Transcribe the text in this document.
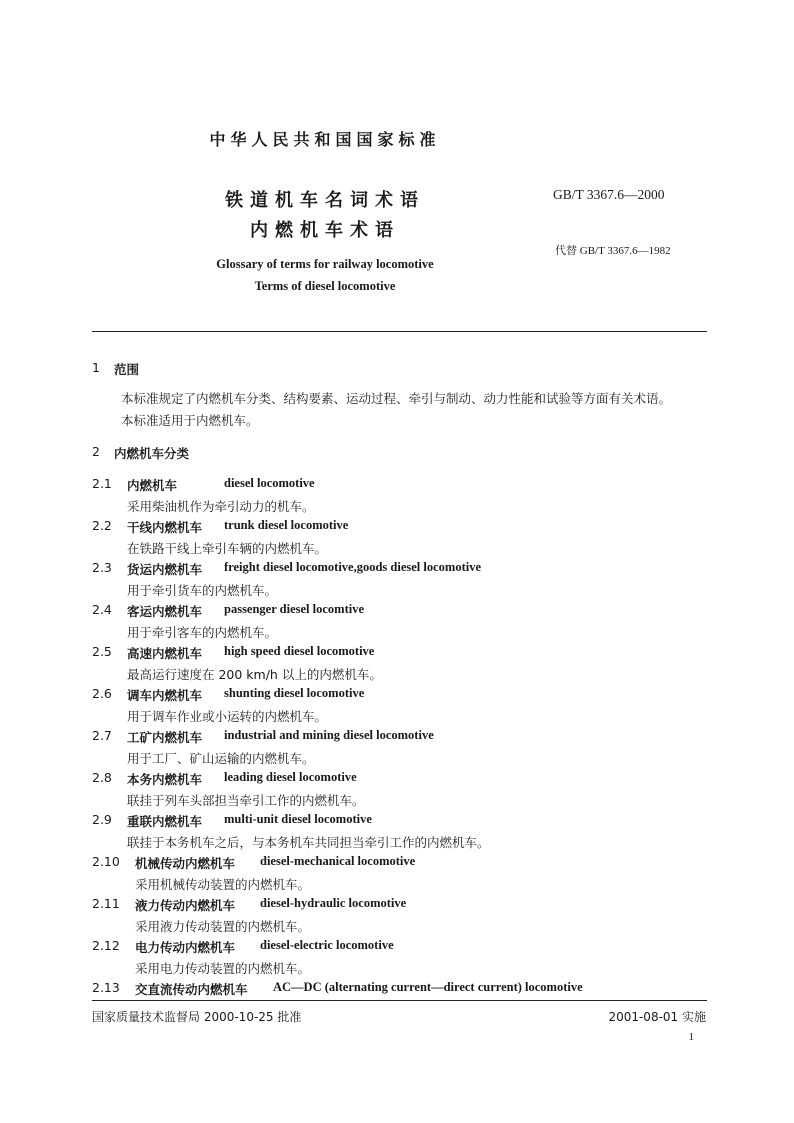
中华人民共和国国家标准
铁道机车名词术语
内燃机车术语
GB/T 3367.6—2000
代替 GB/T 3367.6—1982
Glossary of terms for railway locomotive
Terms of diesel locomotive
1 范围
本标准规定了内燃机车分类、结构要素、运动过程、牵引与制动、动力性能和试验等方面有关术语。
本标准适用于内燃机车。
2 内燃机车分类
2.1 内燃机车	diesel locomotive
采用柴油机作为牵引动力的机车。
2.2 干线内燃机车 trunk diesel locomotive
在铁路干线上牵引车辆的内燃机车。
2.3 货运内燃机车 freight diesel locomotive,goods diesel locomotive
用于牵引货车的内燃机车。
2.4 客运内燃机车 passenger diesel locomtive
用于牵引客车的内燃机车。
2.5 高速内燃机车 high speed diesel locomotive
最高运行速度在 200 km/h 以上的内燃机车。
2.6 调车内燃机车 shunting diesel locomotive
用于调车作业或小运转的内燃机车。
2.7 工矿内燃机车 industrial and mining diesel locomotive
用于工厂、矿山运输的内燃机车。
2.8 本务内燃机车 leading diesel locomotive
联挂于列车头部担当牵引工作的内燃机车。
2.9 重联内燃机车 multi-unit diesel locomotive
联挂于本务机车之后，与本务机车共同担当牵引工作的内燃机车。
2.10 机械传动内燃机车 diesel-mechanical locomotive
采用机械传动装置的内燃机车。
2.11 液力传动内燃机车 diesel-hydraulic locomotive
采用液力传动装置的内燃机车。
2.12 电力传动内燃机车 diesel-electric locomotive
采用电力传动装置的内燃机车。
2.13 交直流传动内燃机车 AC—DC (alternating current—direct current) locomotive
国家质量技术监督局 2000-10-25 批准	2001-08-01 实施
1
